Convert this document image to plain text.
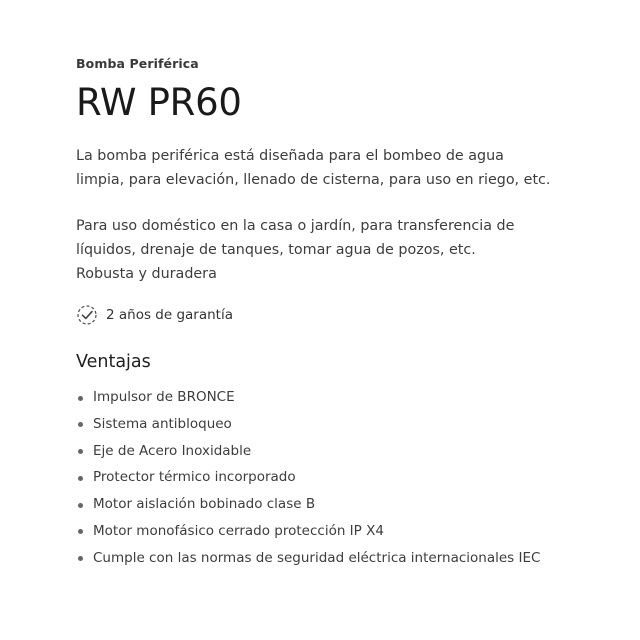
Bomba Periférica
RW PR60

La bomba periférica está diseñada para el bombeo de agua
limpia, para elevación, llenado de cisterna, para uso en riego, etc.

Para uso doméstico en la casa o jardín, para transferencia de
líquidos, drenaje de tanques, tomar agua de pozos, etc.
Robusta y duradera

2 años de garantía
Ventajas
Impulsor de BRONCE
Sistema antibloqueo
Eje de Acero Inoxidable
Protector térmico incorporado
Motor aislación bobinado clase B
Motor monofásico cerrado protección IP X4
Cumple con las normas de seguridad eléctrica internacionales IEC
